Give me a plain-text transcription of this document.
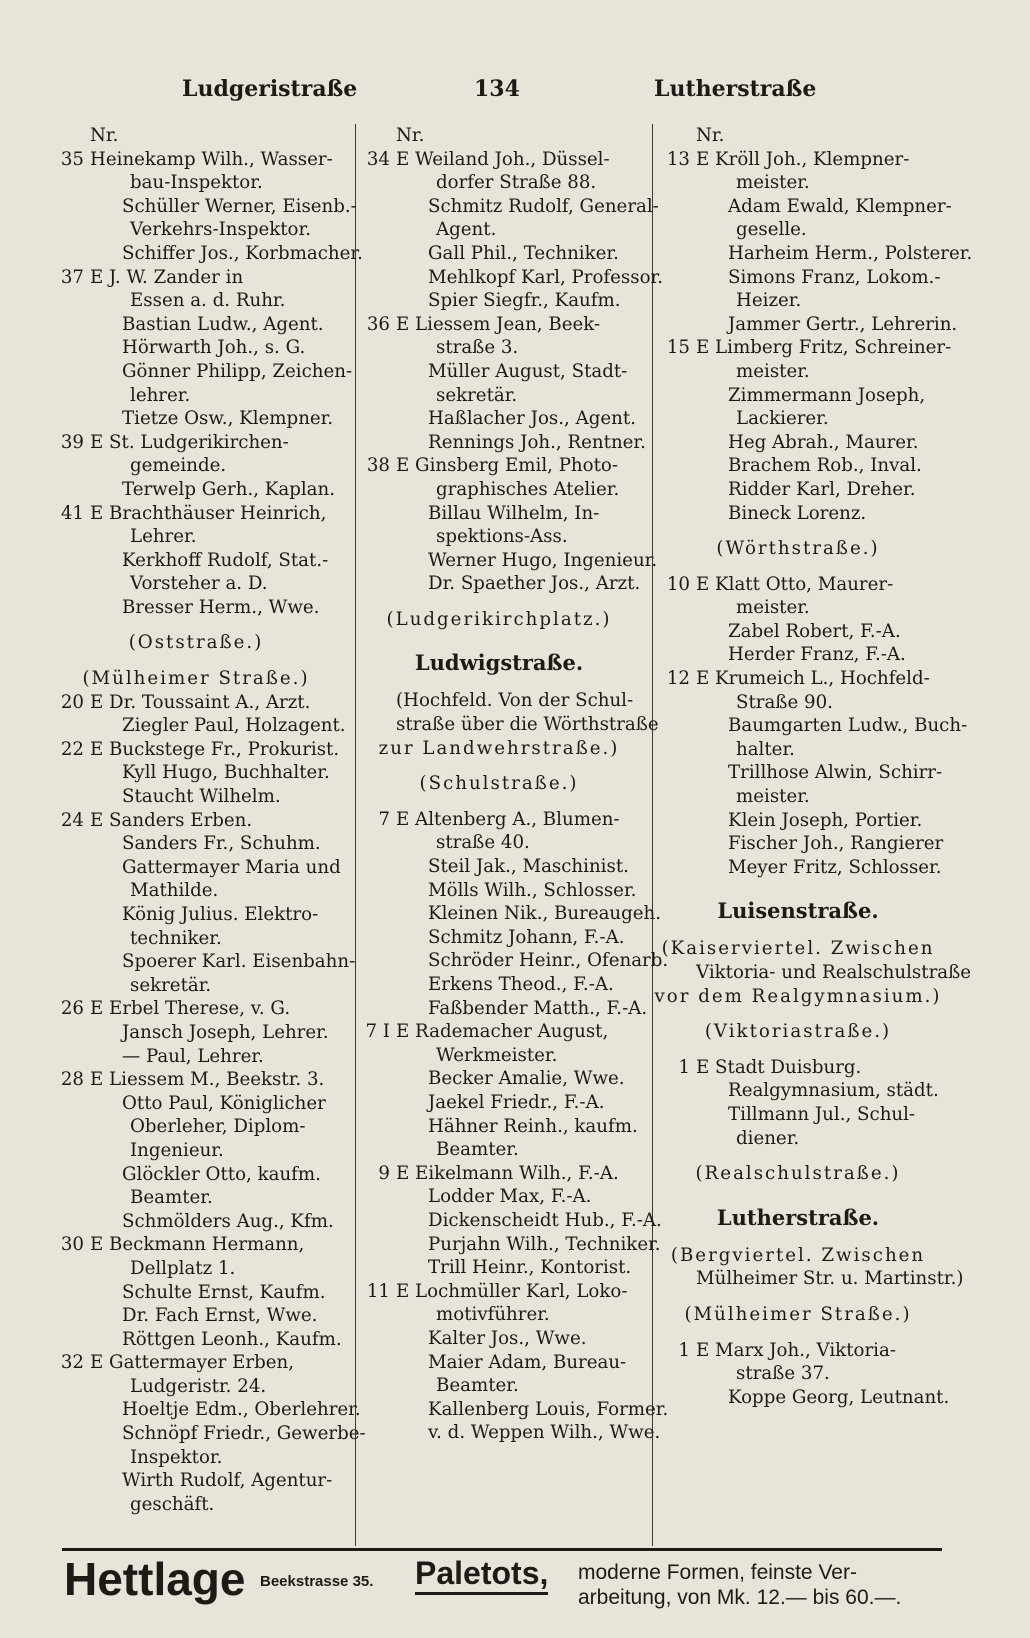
Ludgeristraße	134	Lutherstraße
Nr.
35 Heinekamp Wilh., Wasser-
bau-Inspektor.
Schüller Werner, Eisenb.-
Verkehrs-Inspektor.
Schiffer Jos., Korbmacher.
37 E J. W. Zander in
Essen a. d. Ruhr.
Bastian Ludw., Agent.
Hörwarth Joh., s. G.
Gönner Philipp, Zeichen-
lehrer.
Tietze Osw., Klempner.
39 E St. Ludgerikirchen-
gemeinde.
Terwelp Gerh., Kaplan.
41 E Brachthäuser Heinrich,
Lehrer.
Kerkhoff Rudolf, Stat.-
Vorsteher a. D.
Bresser Herm., Wwe.
(Oststraße.)
(Mülheimer Straße.)
20 E Dr. Toussaint A., Arzt.
Ziegler Paul, Holzagent.
22 E Buckstege Fr., Prokurist.
Kyll Hugo, Buchhalter.
Staucht Wilhelm.
24 E Sanders Erben.
Sanders Fr., Schuhm.
Gattermayer Maria und
Mathilde.
König Julius. Elektro-
techniker.
Spoerer Karl. Eisenbahn-
sekretär.
26 E Erbel Therese, v. G.
Jansch Joseph, Lehrer.
— Paul, Lehrer.
28 E Liessem M., Beekstr. 3.
Otto Paul, Königlicher
Oberleher, Diplom-
Ingenieur.
Glöckler Otto, kaufm.
Beamter.
Schmölders Aug., Kfm.
30 E Beckmann Hermann,
Dellplatz 1.
Schulte Ernst, Kaufm.
Dr. Fach Ernst, Wwe.
Röttgen Leonh., Kaufm.
32 E Gattermayer Erben,
Ludgeristr. 24.
Hoeltje Edm., Oberlehrer.
Schnöpf Friedr., Gewerbe-
Inspektor.
Wirth Rudolf, Agentur-
geschäft.
Nr.
34 E Weiland Joh., Düssel-
dorfer Straße 88.
Schmitz Rudolf, General-
Agent.
Gall Phil., Techniker.
Mehlkopf Karl, Professor.
Spier Siegfr., Kaufm.
36 E Liessem Jean, Beek-
straße 3.
Müller August, Stadt-
sekretär.
Haßlacher Jos., Agent.
Rennings Joh., Rentner.
38 E Ginsberg Emil, Photo-
graphisches Atelier.
Billau Wilhelm, In-
spektions-Ass.
Werner Hugo, Ingenieur.
Dr. Spaether Jos., Arzt.
(Ludgerikirchplatz.)
Ludwigstraße.
(Hochfeld. Von der Schul-
straße über die Wörthstraße
zur Landwehrstraße.)
(Schulstraße.)
7 E Altenberg A., Blumen-
straße 40.
Steil Jak., Maschinist.
Mölls Wilh., Schlosser.
Kleinen Nik., Bureaugeh.
Schmitz Johann, F.-A.
Schröder Heinr., Ofenarb.
Erkens Theod., F.-A.
Faßbender Matth., F.-A.
7 I E Rademacher August,
Werkmeister.
Becker Amalie, Wwe.
Jaekel Friedr., F.-A.
Hähner Reinh., kaufm.
Beamter.
9 E Eikelmann Wilh., F.-A.
Lodder Max, F.-A.
Dickenscheidt Hub., F.-A.
Purjahn Wilh., Techniker.
Trill Heinr., Kontorist.
11 E Lochmüller Karl, Loko-
motivführer.
Kalter Jos., Wwe.
Maier Adam, Bureau-
Beamter.
Kallenberg Louis, Former.
v. d. Weppen Wilh., Wwe.
Nr.
13 E Kröll Joh., Klempner-
meister.
Adam Ewald, Klempner-
geselle.
Harheim Herm., Polsterer.
Simons Franz, Lokom.-
Heizer.
Jammer Gertr., Lehrerin.
15 E Limberg Fritz, Schreiner-
meister.
Zimmermann Joseph,
Lackierer.
Heg Abrah., Maurer.
Brachem Rob., Inval.
Ridder Karl, Dreher.
Bineck Lorenz.
(Wörthstraße.)
10 E Klatt Otto, Maurer-
meister.
Zabel Robert, F.-A.
Herder Franz, F.-A.
12 E Krumeich L., Hochfeld-
Straße 90.
Baumgarten Ludw., Buch-
halter.
Trillhose Alwin, Schirr-
meister.
Klein Joseph, Portier.
Fischer Joh., Rangierer
Meyer Fritz, Schlosser.
Luisenstraße.
(Kaiserviertel. Zwischen
Viktoria- und Realschulstraße
vor dem Realgymnasium.)
(Viktoriastraße.)
1 E Stadt Duisburg.
Realgymnasium, städt.
Tillmann Jul., Schul-
diener.
(Realschulstraße.)
Lutherstraße.
(Bergviertel. Zwischen
Mülheimer Str. u. Martinstr.)
(Mülheimer Straße.)
1 E Marx Joh., Viktoria-
straße 37.
Koppe Georg, Leutnant.
Hettlage Beekstrasse 35. Paletots, moderne Formen, feinste Ver-
arbeitung, von Mk. 12.— bis 60.—.
